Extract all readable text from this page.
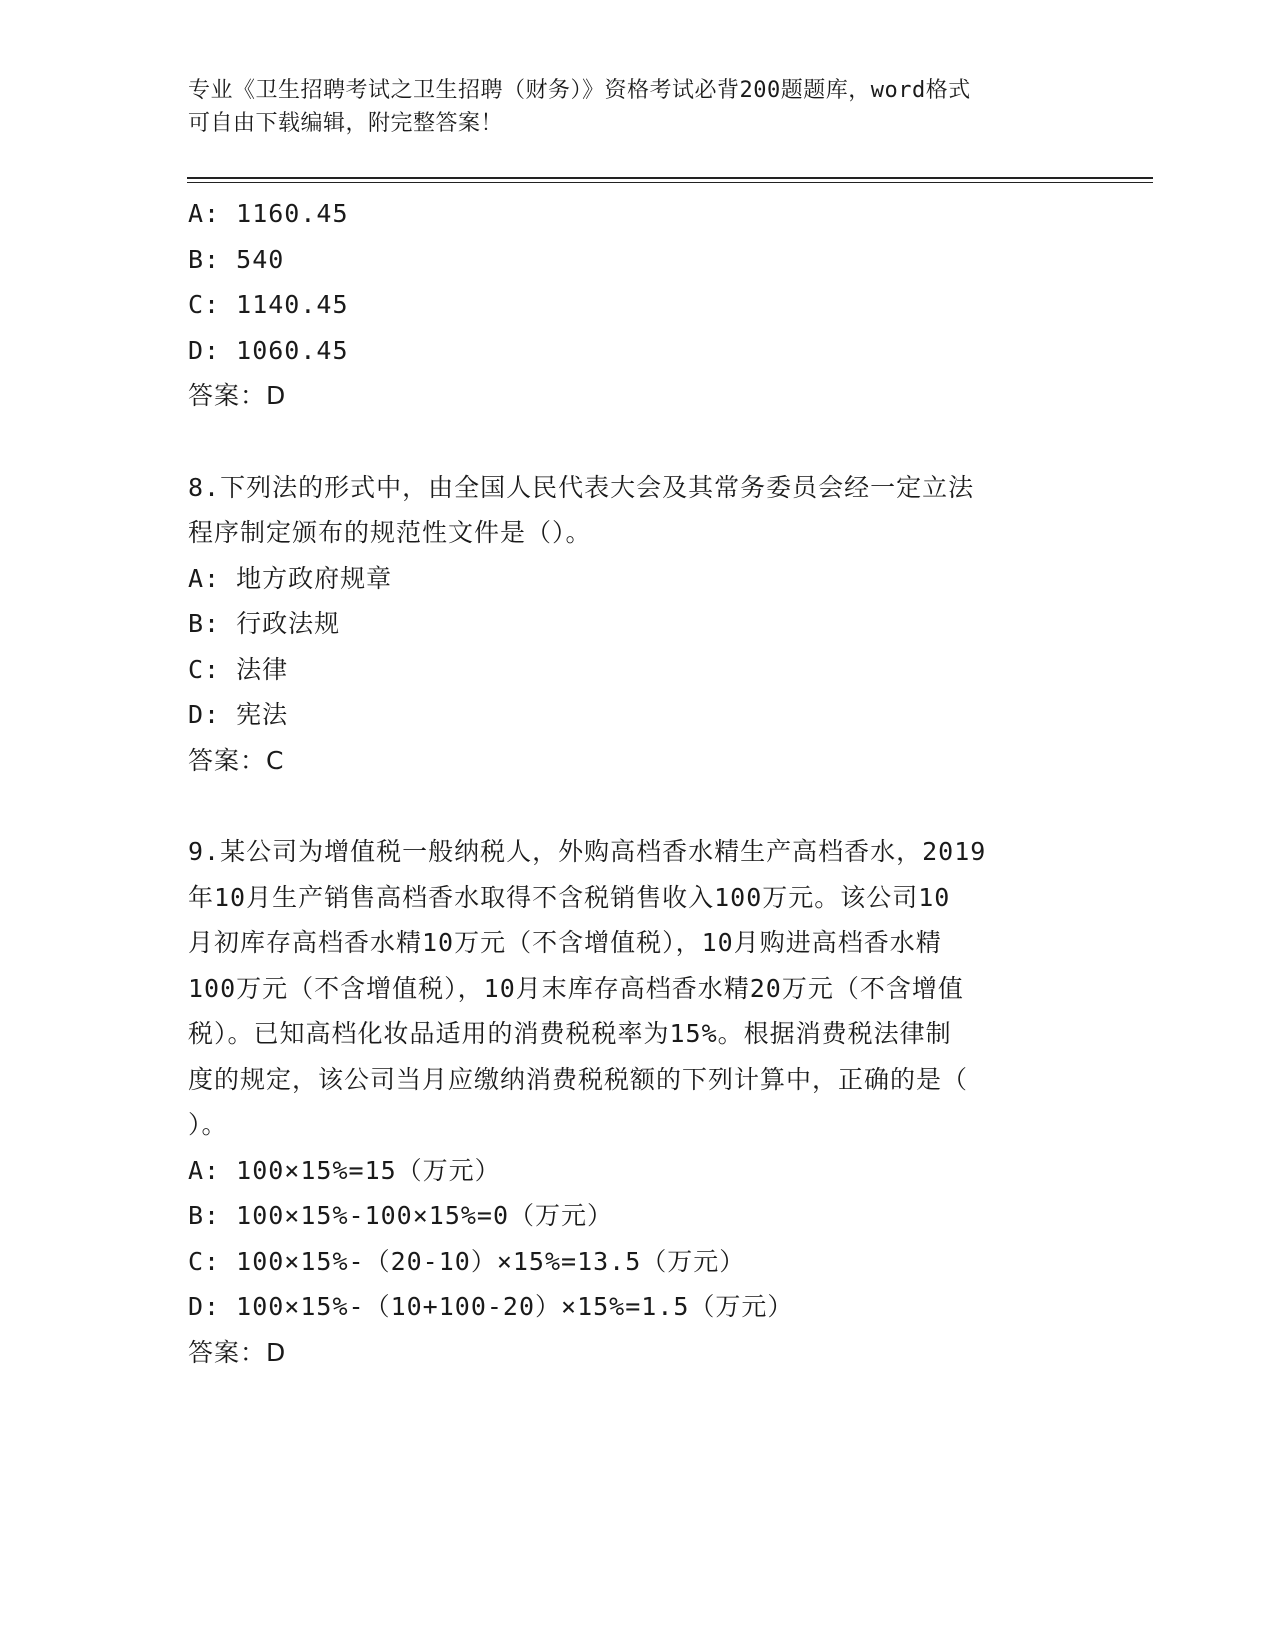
专业《卫生招聘考试之卫生招聘（财务）》资格考试必背200题题库，word格式
可自由下载编辑，附完整答案！
A: 1160.45
B: 540
C: 1140.45
D: 1060.45
答案：D
8.下列法的形式中，由全国人民代表大会及其常务委员会经一定立法
程序制定颁布的规范性文件是（）。
A: 地方政府规章
B: 行政法规
C: 法律
D: 宪法
答案：C
9.某公司为增值税一般纳税人，外购高档香水精生产高档香水，2019
年10月生产销售高档香水取得不含税销售收入100万元。该公司10
月初库存高档香水精10万元（不含增值税），10月购进高档香水精
100万元（不含增值税），10月末库存高档香水精20万元（不含增值
税）。已知高档化妆品适用的消费税税率为15%。根据消费税法律制
度的规定，该公司当月应缴纳消费税税额的下列计算中，正确的是（
）。
A: 100×15%=15（万元）
B: 100×15%-100×15%=0（万元）
C: 100×15%-（20-10）×15%=13.5（万元）
D: 100×15%-（10+100-20）×15%=1.5（万元）
答案：D
